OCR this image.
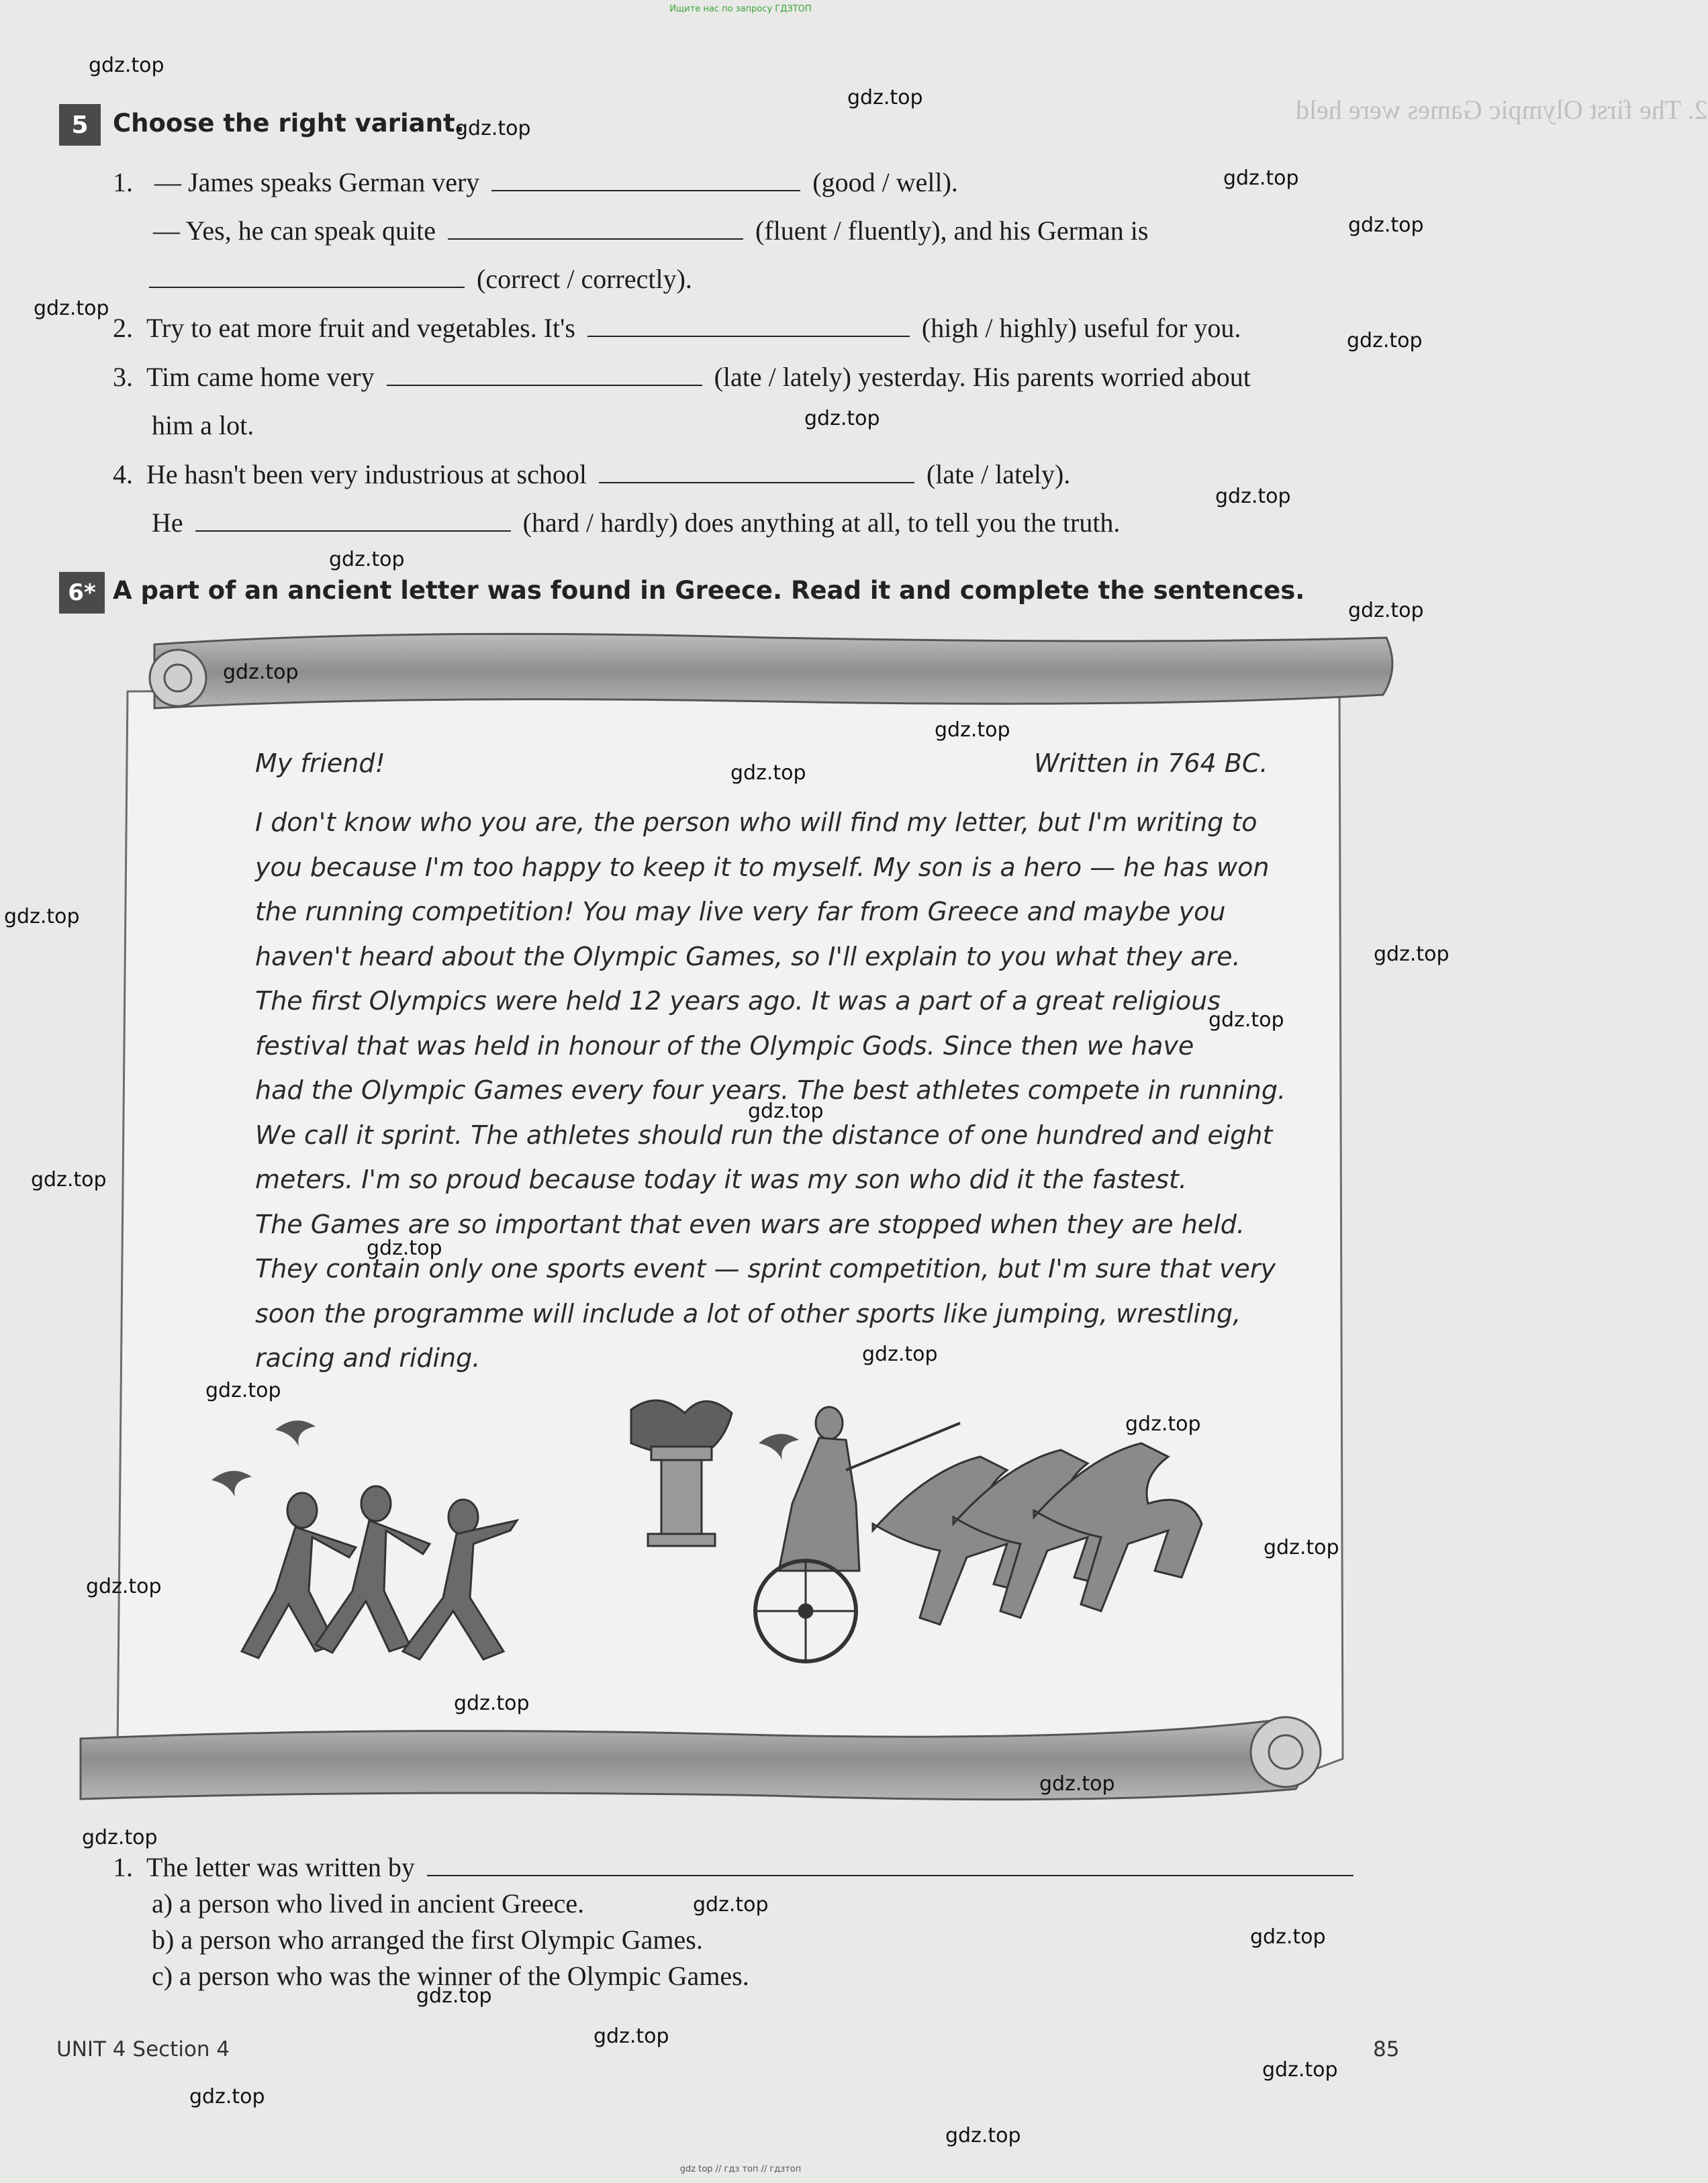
Ищите нас по запросу ГДЗТОП
2. The first Olympic Games were held
5 Choose the right variant.
1. — James speaks German very	(good / well).
— Yes, he can speak quite	(fluent / fluently), and his German is
(correct / correctly).
2. Try to eat more fruit and vegetables. It's	(high / highly) useful for you.
3. Tim came home very	(late / lately) yesterday. His parents worried about
him a lot.
4. He hasn't been very industrious at school	(late / lately).
He	(hard / hardly) does anything at all, to tell you the truth.
6* A part of an ancient letter was found in Greece. Read it and complete the sentences.
My friend!	Written in 764 BC.
I don't know who you are, the person who will find my letter, but I'm writing to
you because I'm too happy to keep it to myself. My son is a hero — he has won
the running competition! You may live very far from Greece and maybe you
haven't heard about the Olympic Games, so I'll explain to you what they are.
The first Olympics were held 12 years ago. It was a part of a great religious
festival that was held in honour of the Olympic Gods. Since then we have
had the Olympic Games every four years. The best athletes compete in running.
We call it sprint. The athletes should run the distance of one hundred and eight
meters. I'm so proud because today it was my son who did it the fastest.
The Games are so important that even wars are stopped when they are held.
They contain only one sports event — sprint competition, but I'm sure that very
soon the programme will include a lot of other sports like jumping, wrestling,
racing and riding.
1. The letter was written by
a) a person who lived in ancient Greece.
b) a person who arranged the first Olympic Games.
c) a person who was the winner of the Olympic Games.
UNIT 4 Section 4	85
gdz top // гдз топ // гдзтоп
gdz.top
gdz.top
gdz.top
gdz.top
gdz.top
gdz.top
gdz.top
gdz.top
gdz.top
gdz.top
gdz.top
gdz.top
gdz.top
gdz.top
gdz.top
gdz.top
gdz.top
gdz.top
gdz.top
gdz.top
gdz.top
gdz.top
gdz.top
gdz.top
gdz.top
gdz.top
gdz.top
gdz.top
gdz.top
gdz.top
gdz.top
gdz.top
gdz.top
gdz.top
gdz.top
